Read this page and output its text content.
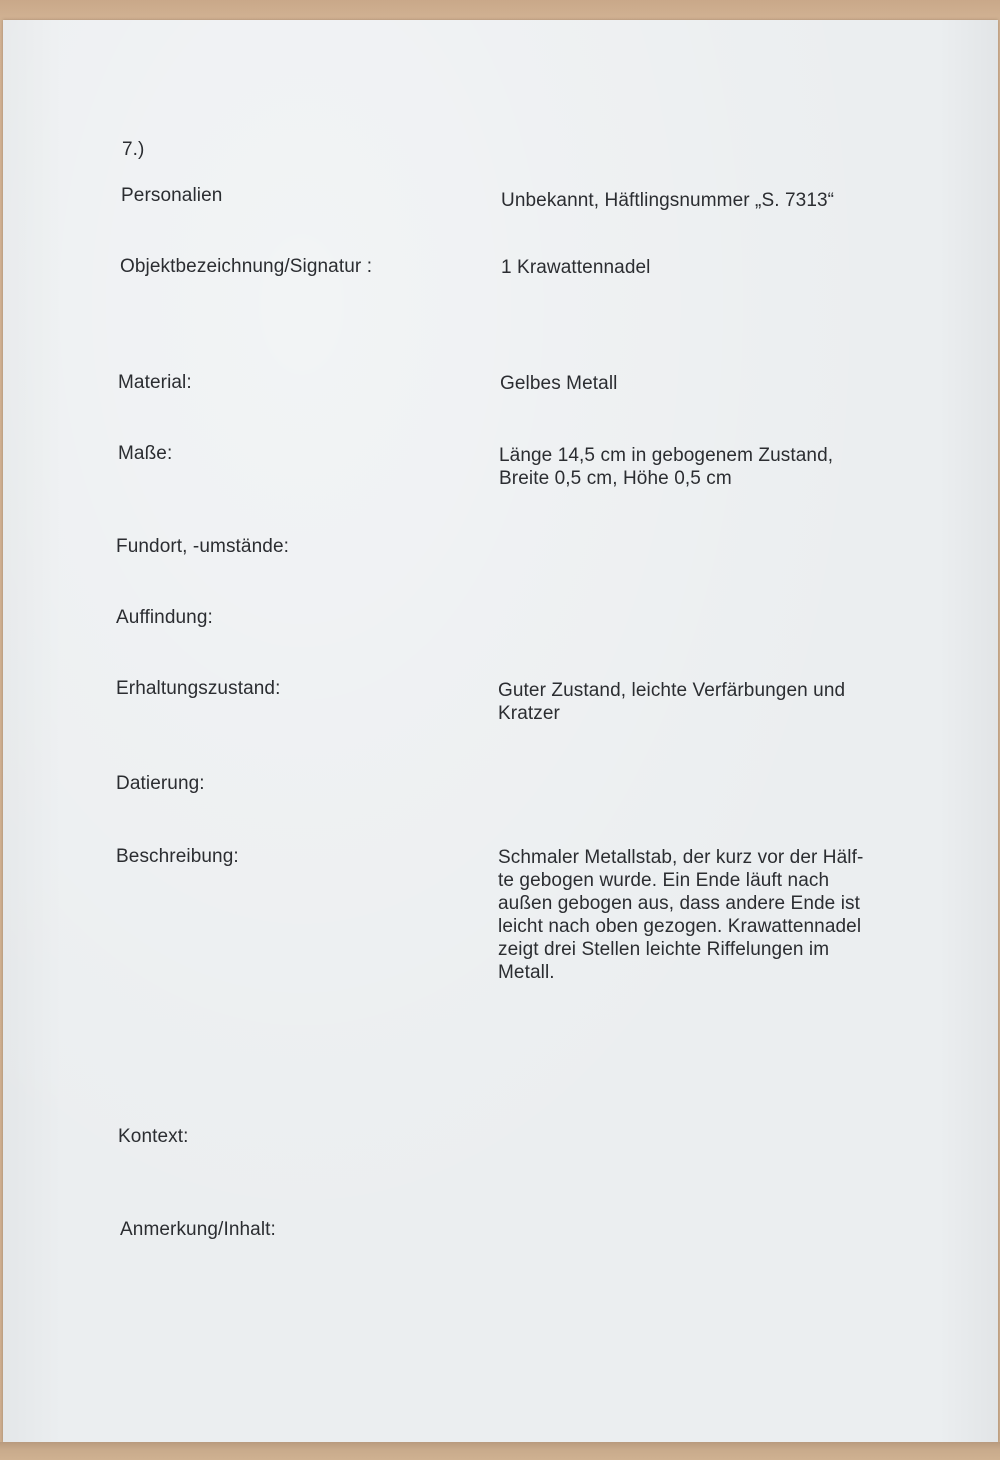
7.)
Personalien	Unbekannt, Häftlingsnummer „S. 7313“
Objektbezeichnung/Signatur :	1 Krawattennadel
Material:	Gelbes Metall
Maße:	Länge 14,5 cm in gebogenem Zustand,
Breite 0,5 cm, Höhe 0,5 cm
Fundort, -umstände:
Auffindung:
Erhaltungszustand:	Guter Zustand, leichte Verfärbungen und
Kratzer
Datierung:
Beschreibung:	Schmaler Metallstab, der kurz vor der Hälf-
te gebogen wurde. Ein Ende läuft nach
außen gebogen aus, dass andere Ende ist
leicht nach oben gezogen. Krawattennadel
zeigt drei Stellen leichte Riffelungen im
Metall.
Kontext:
Anmerkung/Inhalt:
